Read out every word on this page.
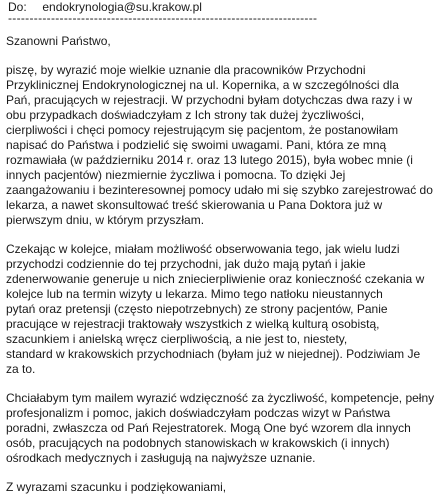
Do: endokrynologia@su.krakow.pl
------------------------------------------------------------------------

Szanowni Państwo,

piszę, by wyrazić moje wielkie uznanie dla pracowników Przychodni
Przyklinicznej Endokrynologicznej na ul. Kopernika, a w szczególności dla
Pań, pracujących w rejestracji. W przychodni byłam dotychczas dwa razy i w
obu przypadkach doświadczyłam z Ich strony tak dużej życzliwości,
cierpliwości i chęci pomocy rejestrującym się pacjentom, że postanowiłam
napisać do Państwa i podzielić się swoimi uwagami. Pani, która ze mną
rozmawiała (w październiku 2014 r. oraz 13 lutego 2015), była wobec mnie (i
innych pacjentów) niezmiernie życzliwa i pomocna. To dzięki Jej
zaangażowaniu i bezinteresownej pomocy udało mi się szybko zarejestrować do
lekarza, a nawet skonsultować treść skierowania u Pana Doktora już w
pierwszym dniu, w którym przyszłam.
Czekając w kolejce, miałam możliwość obserwowania tego, jak wielu ludzi
przychodzi codziennie do tej przychodni, jak dużo mają pytań i jakie
zdenerwowanie generuje u nich zniecierpliwienie oraz konieczność czekania w
kolejce lub na termin wizyty u lekarza. Mimo tego natłoku nieustannych
pytań oraz pretensji (często niepotrzebnych) ze strony pacjentów, Panie
pracujące w rejestracji traktowały wszystkich z wielką kulturą osobistą,
szacunkiem i anielską wręcz cierpliwością, a nie jest to, niestety,
standard w krakowskich przychodniach (byłam już w niejednej). Podziwiam Je
za to.
Chciałabym tym mailem wyrazić wdzięczność za życzliwość, kompetencje, pełny
profesjonalizm i pomoc, jakich doświadczyłam podczas wizyt w Państwa
poradni, zwłaszcza od Pań Rejestratorek. Mogą One być wzorem dla innych
osób, pracujących na podobnych stanowiskach w krakowskich (i innych)
ośrodkach medycznych i zasługują na najwyższe uznanie.

Z wyrazami szacunku i podziękowaniami,
